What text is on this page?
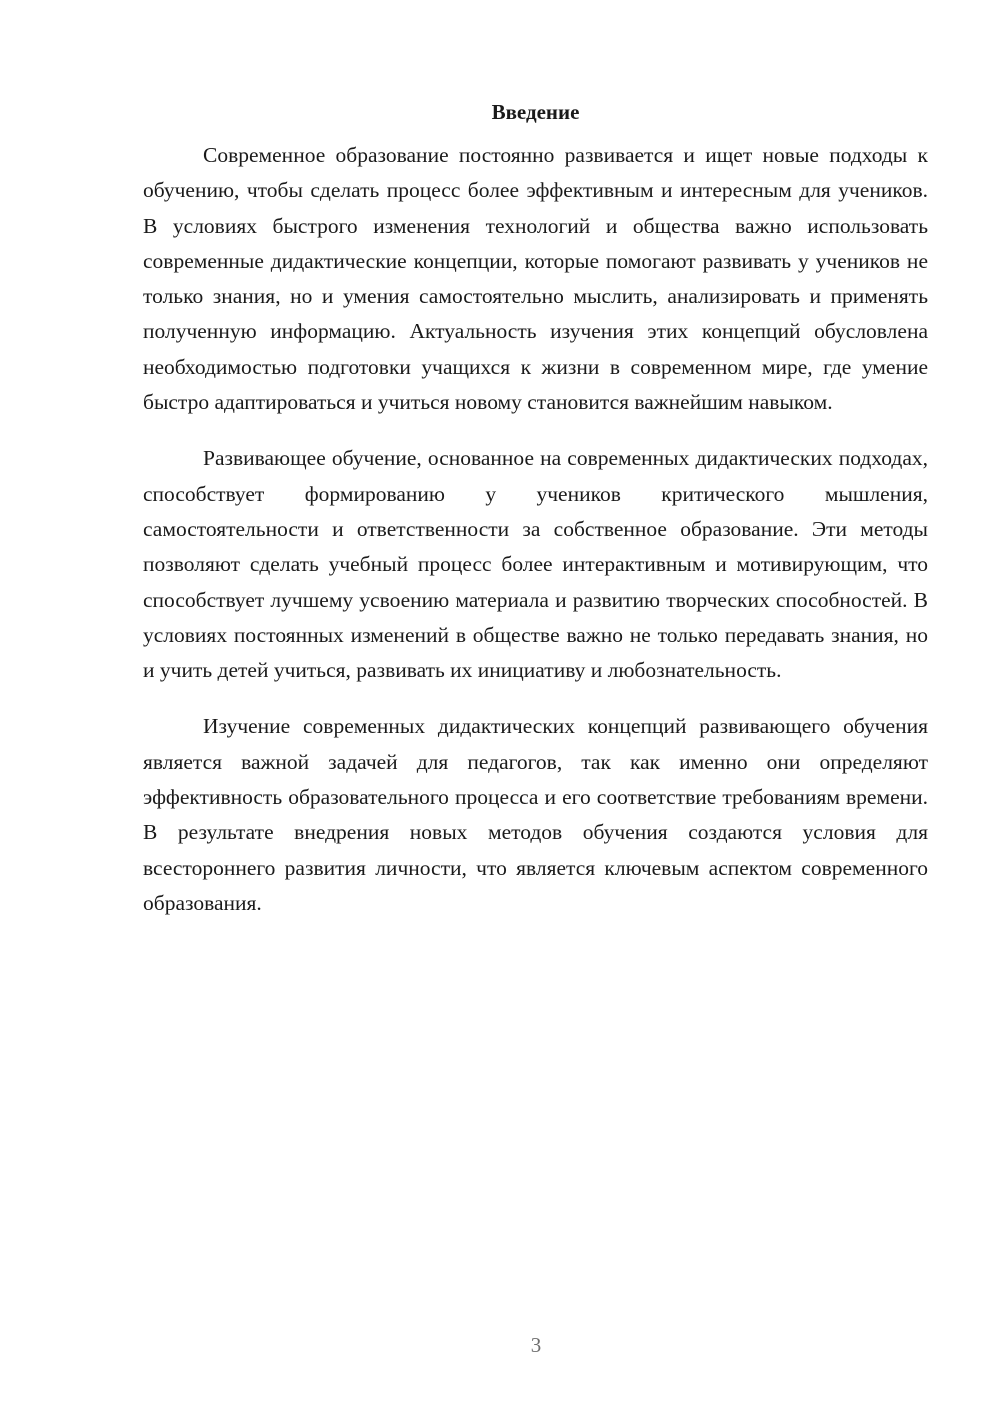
Введение

Современное образование постоянно развивается и ищет новые подходы к обучению, чтобы сделать процесс более эффективным и интересным для учеников. В условиях быстрого изменения технологий и общества важно использовать современные дидактические концепции, которые помогают развивать у учеников не только знания, но и умения самостоятельно мыслить, анализировать и применять полученную информацию. Актуальность изучения этих концепций обусловлена необходимостью подготовки учащихся к жизни в современном мире, где умение быстро адаптироваться и учиться новому становится важнейшим навыком.

Развивающее обучение, основанное на современных дидактических подходах, способствует формированию у учеников критического мышления, самостоятельности и ответственности за собственное образование. Эти методы позволяют сделать учебный процесс более интерактивным и мотивирующим, что способствует лучшему усвоению материала и развитию творческих способностей. В условиях постоянных изменений в обществе важно не только передавать знания, но и учить детей учиться, развивать их инициативу и любознательность.

Изучение современных дидактических концепций развивающего обучения является важной задачей для педагогов, так как именно они определяют эффективность образовательного процесса и его соответствие требованиям времени. В результате внедрения новых методов обучения создаются условия для всестороннего развития личности, что является ключевым аспектом современного образования.

3
